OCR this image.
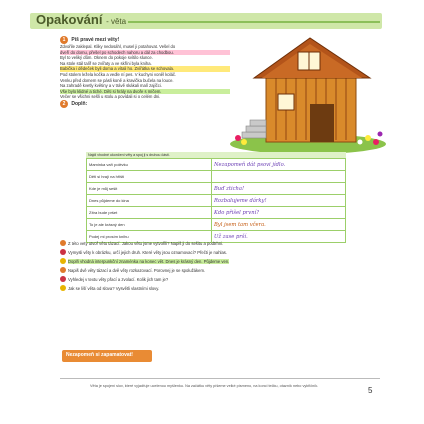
Opakování - věta
1 Piš pravé mezi věty!
Zdvořile zaklepal. Kliky nedosáhl, musel ji potahovat. Vešel do
dveří do domu, přešel po schodech nahoru a dál za chodbou.
Byl to veliký dům. Oknem do pokoje svítilo slunce.
Na stole stál talíř se zvířaty a ve skříni byla kniha.
Babička i dědeček byli doma a vítali ho. Zvířátka se schovala.
Pod stolem ležela kočka a vedle ní pes. V kuchyni voněl koláč.
Venku před domem se pásli koně a kravička bučela na louce.
Na zahradě kvetly květiny a v trávě skákali malí zajíčci.
Vše bylo klidné a tiché. Děti si hrály na dvoře s míčem.
Večer se všichni sešli u stolu a povídali si o celém dni.
2 Doplň:
Maminka vaří polévku	Nezapomeň dát psovi jídlo.
Děti si hrají na hřišti	
Kde je můj sešit	Buď zticha!
Dnes půjdeme do kina	Rozbalujeme dárky!
Zítra bude pršet	Kdo přišel první?
To je ale krásný den	Byl jsem tam včera.
Podej mi prosím knihu	Už zase prší.
Najdi vhodné ukončení věty a spoj ji s druhou částí.

Z této vety utvoř větu tázací. Jakou větu jsme vytvořili? Napiš ji do sešitu a podtrhni.

Vymysli věty k obrázku, určí jejich druh. Které věty jsou oznamovací? Přečti je nahlas.

Doplň vhodná interpunkční znaménka na konec vět. Dnes je krásný den. Půjdeme ven.

Napiš dvě věty tázací a dvě věty rozkazovací. Porovnej je se spolužákem.

Vyhledej v textu věty přací a zvolací. Kolik jich tam je?

Jak se liší věta od slova? Vysvětli vlastními slovy.

Nezapomeň si zapamatovat!
Věta je spojení slov, které vyjadřuje ucelenou myšlenku. Na začátku věty píšeme velké písmeno, na konci tečku, otazník nebo vykřičník.	5
